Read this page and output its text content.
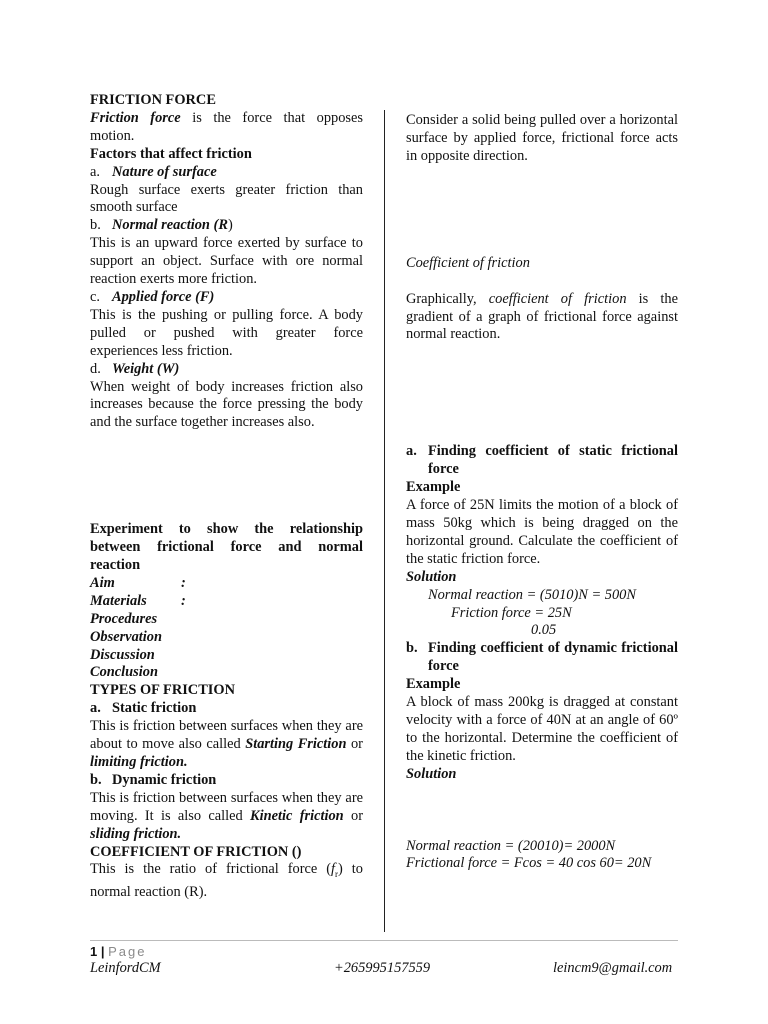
FRICTION FORCE

Friction force is the force that opposes motion.

Factors that affect friction

a. Nature of surface

Rough surface exerts greater friction than smooth surface

b. Normal reaction (R)

This is an upward force exerted by surface to support an object. Surface with ore normal reaction exerts more friction.

c. Applied force (F)

This is the pushing or pulling force. A body pulled or pushed with greater force experiences less friction.

d. Weight (W)

When weight of body increases friction also increases because the force pressing the body and the surface together increases also.

Experiment to show the relationship between frictional force and normal reaction

Aim	:
Materials	:

Procedures

Observation

Discussion

Conclusion

TYPES OF FRICTION

a. Static friction

This is friction between surfaces when they are about to move also called Starting Friction or limiting friction.

b. Dynamic friction

This is friction between surfaces when they are moving. It is also called Kinetic friction or sliding friction.

COEFFICIENT OF FRICTION ()

This is the ratio of frictional force $(f_r)$ to normal reaction (R).

Consider a solid being pulled over a horizontal surface by applied force, frictional force acts in opposite direction.

Coefficient of friction

Graphically, coefficient of friction is the gradient of a graph of frictional force against normal reaction.

a. Finding coefficient of static frictional force

Example

A force of 25N limits the motion of a block of mass 50kg which is being dragged on the horizontal ground. Calculate the coefficient of the static friction force.

Solution

Normal reaction = (5010)N = 500N

Friction force = 25N

0.05

b. Finding coefficient of dynamic frictional force

Example

A block of mass 200kg is dragged at constant velocity with a force of 40N at an angle of 60º to the horizontal. Determine the coefficient of the kinetic friction.

Solution

Normal reaction = (20010)= 2000N

Frictional force = Fcos = 40 cos 60= 20N

1 | Page
LeinfordCM	+265995157559	leincm9@gmail.com
